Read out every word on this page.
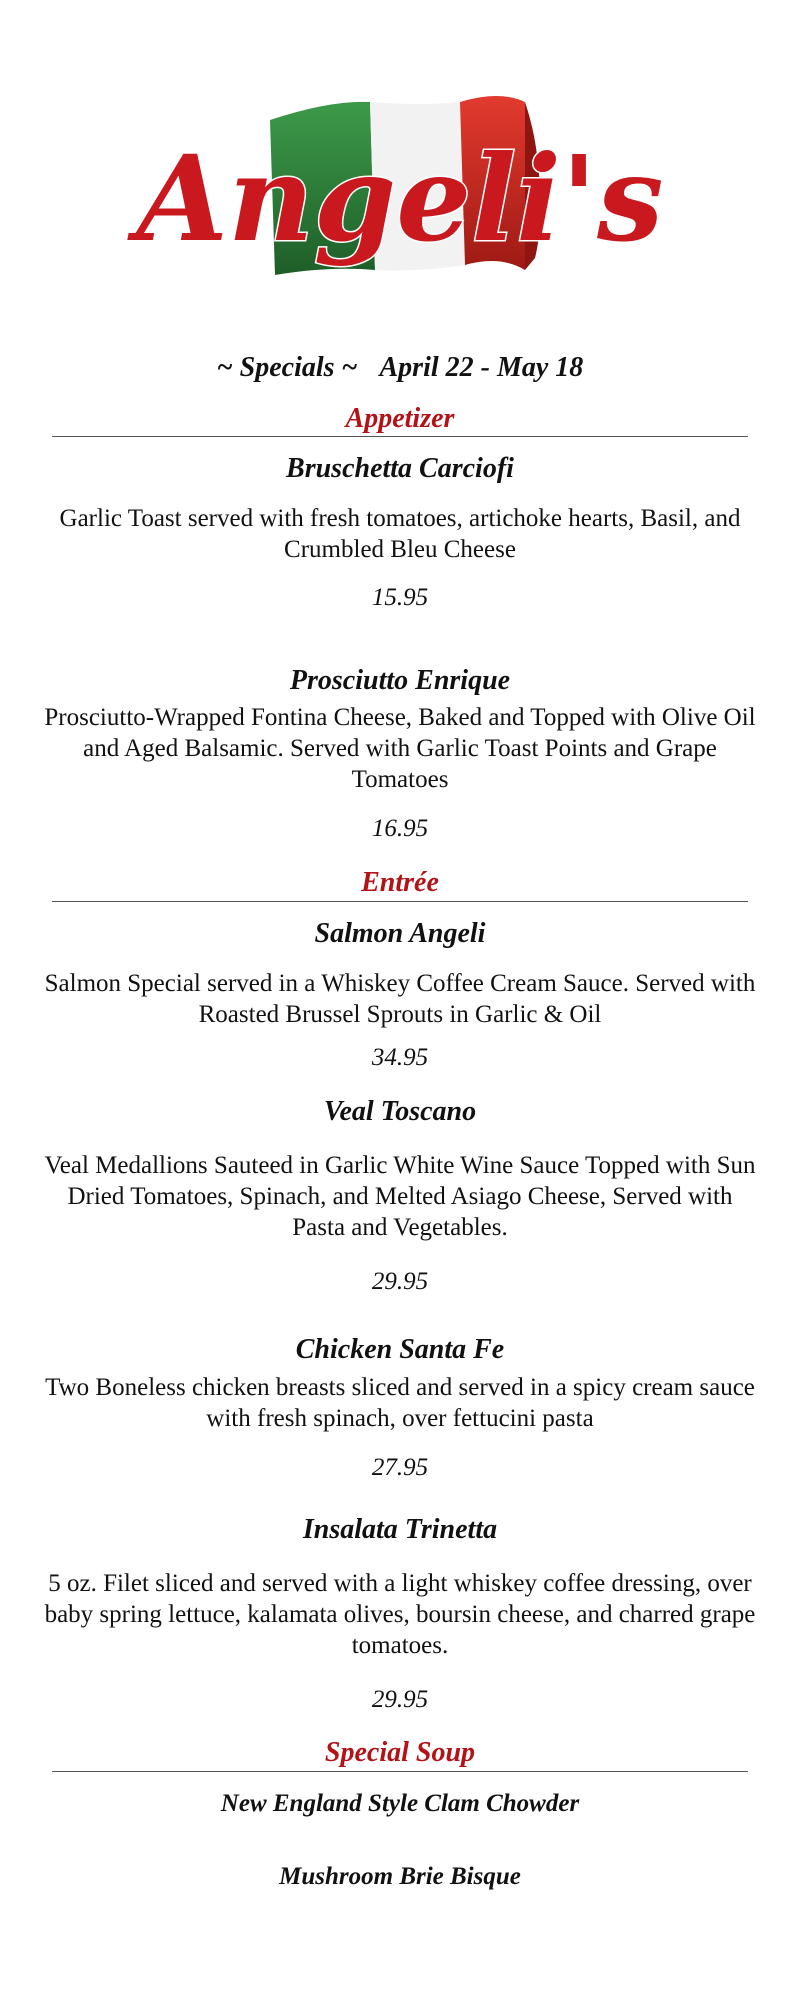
Angeli's
~ Specials ~ April 22 - May 18
Appetizer
Bruschetta Carciofi
Garlic Toast served with fresh tomatoes, artichoke hearts, Basil, and Crumbled Bleu Cheese
15.95
Prosciutto Enrique
Prosciutto-Wrapped Fontina Cheese, Baked and Topped with Olive Oil and Aged Balsamic. Served with Garlic Toast Points and Grape Tomatoes
16.95
Entrée
Salmon Angeli
Salmon Special served in a Whiskey Coffee Cream Sauce. Served with Roasted Brussel Sprouts in Garlic & Oil
34.95
Veal Toscano
Veal Medallions Sauteed in Garlic White Wine Sauce Topped with Sun Dried Tomatoes, Spinach, and Melted Asiago Cheese, Served with Pasta and Vegetables.
29.95
Chicken Santa Fe
Two Boneless chicken breasts sliced and served in a spicy cream sauce with fresh spinach, over fettucini pasta
27.95
Insalata Trinetta
5 oz. Filet sliced and served with a light whiskey coffee dressing, over baby spring lettuce, kalamata olives, boursin cheese, and charred grape tomatoes.
29.95
Special Soup
New England Style Clam Chowder
Mushroom Brie Bisque
